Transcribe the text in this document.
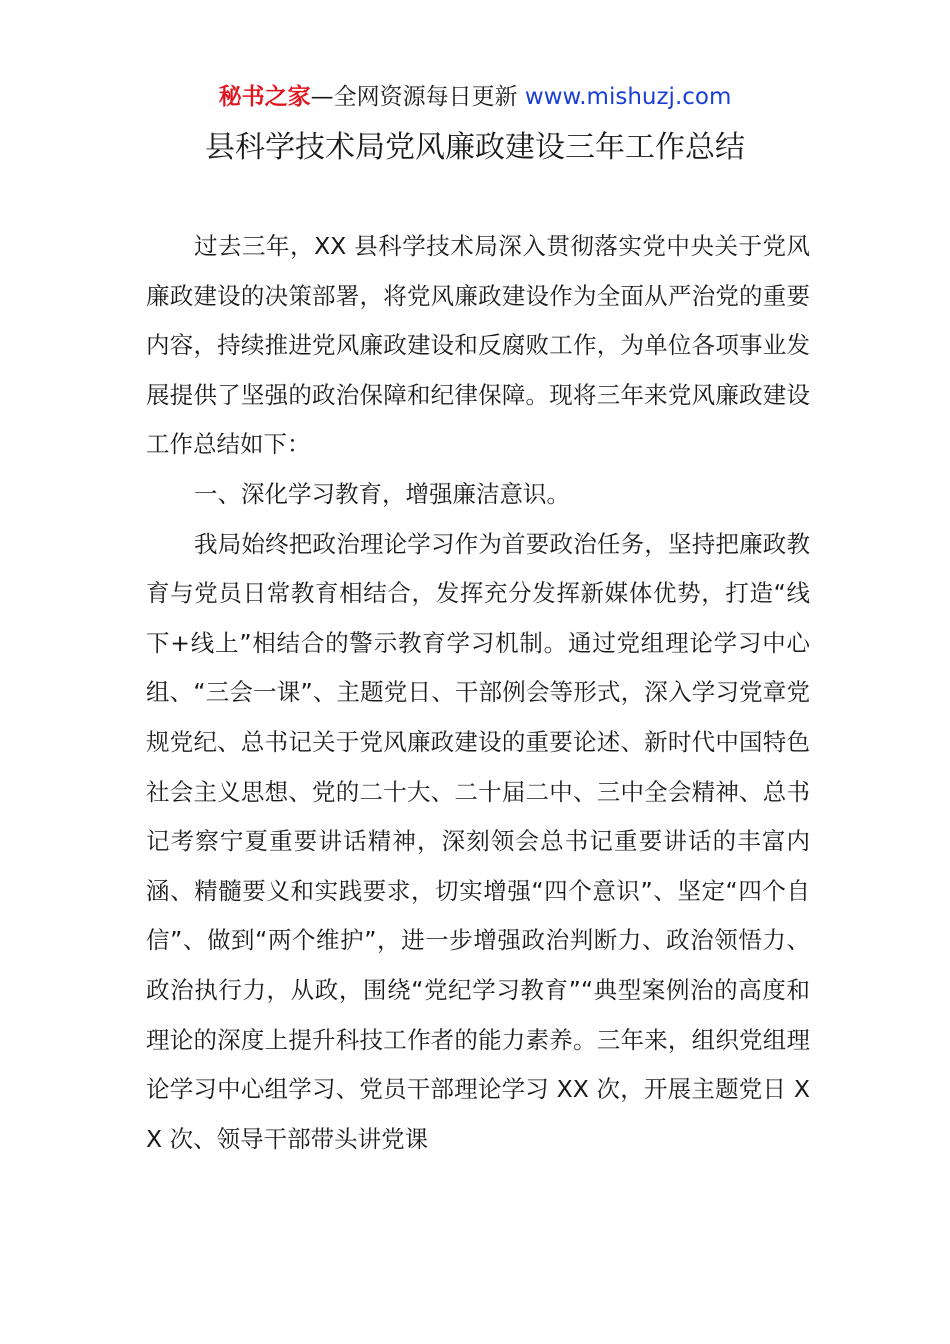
秘书之家—全网资源每日更新 www.mishuzj.com
县科学技术局党风廉政建设三年工作总结

过去三年，XX 县科学技术局深入贯彻落实党中央关于党风廉政建设的决策部署，将党风廉政建设作为全面从严治党的重要内容，持续推进党风廉政建设和反腐败工作，为单位各项事业发展提供了坚强的政治保障和纪律保障。现将三年来党风廉政建设工作总结如下：

一、深化学习教育，增强廉洁意识。

我局始终把政治理论学习作为首要政治任务，坚持把廉政教育与党员日常教育相结合，发挥充分发挥新媒体优势，打造“线下+线上”相结合的警示教育学习机制。通过党组理论学习中心组、“三会一课”、主题党日、干部例会等形式，深入学习党章党规党纪、总书记关于党风廉政建设的重要论述、新时代中国特色社会主义思想、党的二十大、二十届二中、三中全会精神、总书记考察宁夏重要讲话精神，深刻领会总书记重要讲话的丰富内涵、精髓要义和实践要求，切实增强“四个意识”、坚定“四个自信”、做到“两个维护”，进一步增强政治判断力、政治领悟力、政治执行力，从政，围绕“党纪学习教育”“典型案例治的高度和理论的深度上提升科技工作者的能力素养。三年来，组织党组理论学习中心组学习、党员干部理论学习 XX 次，开展主题党日 XX 次、领导干部带头讲党课
